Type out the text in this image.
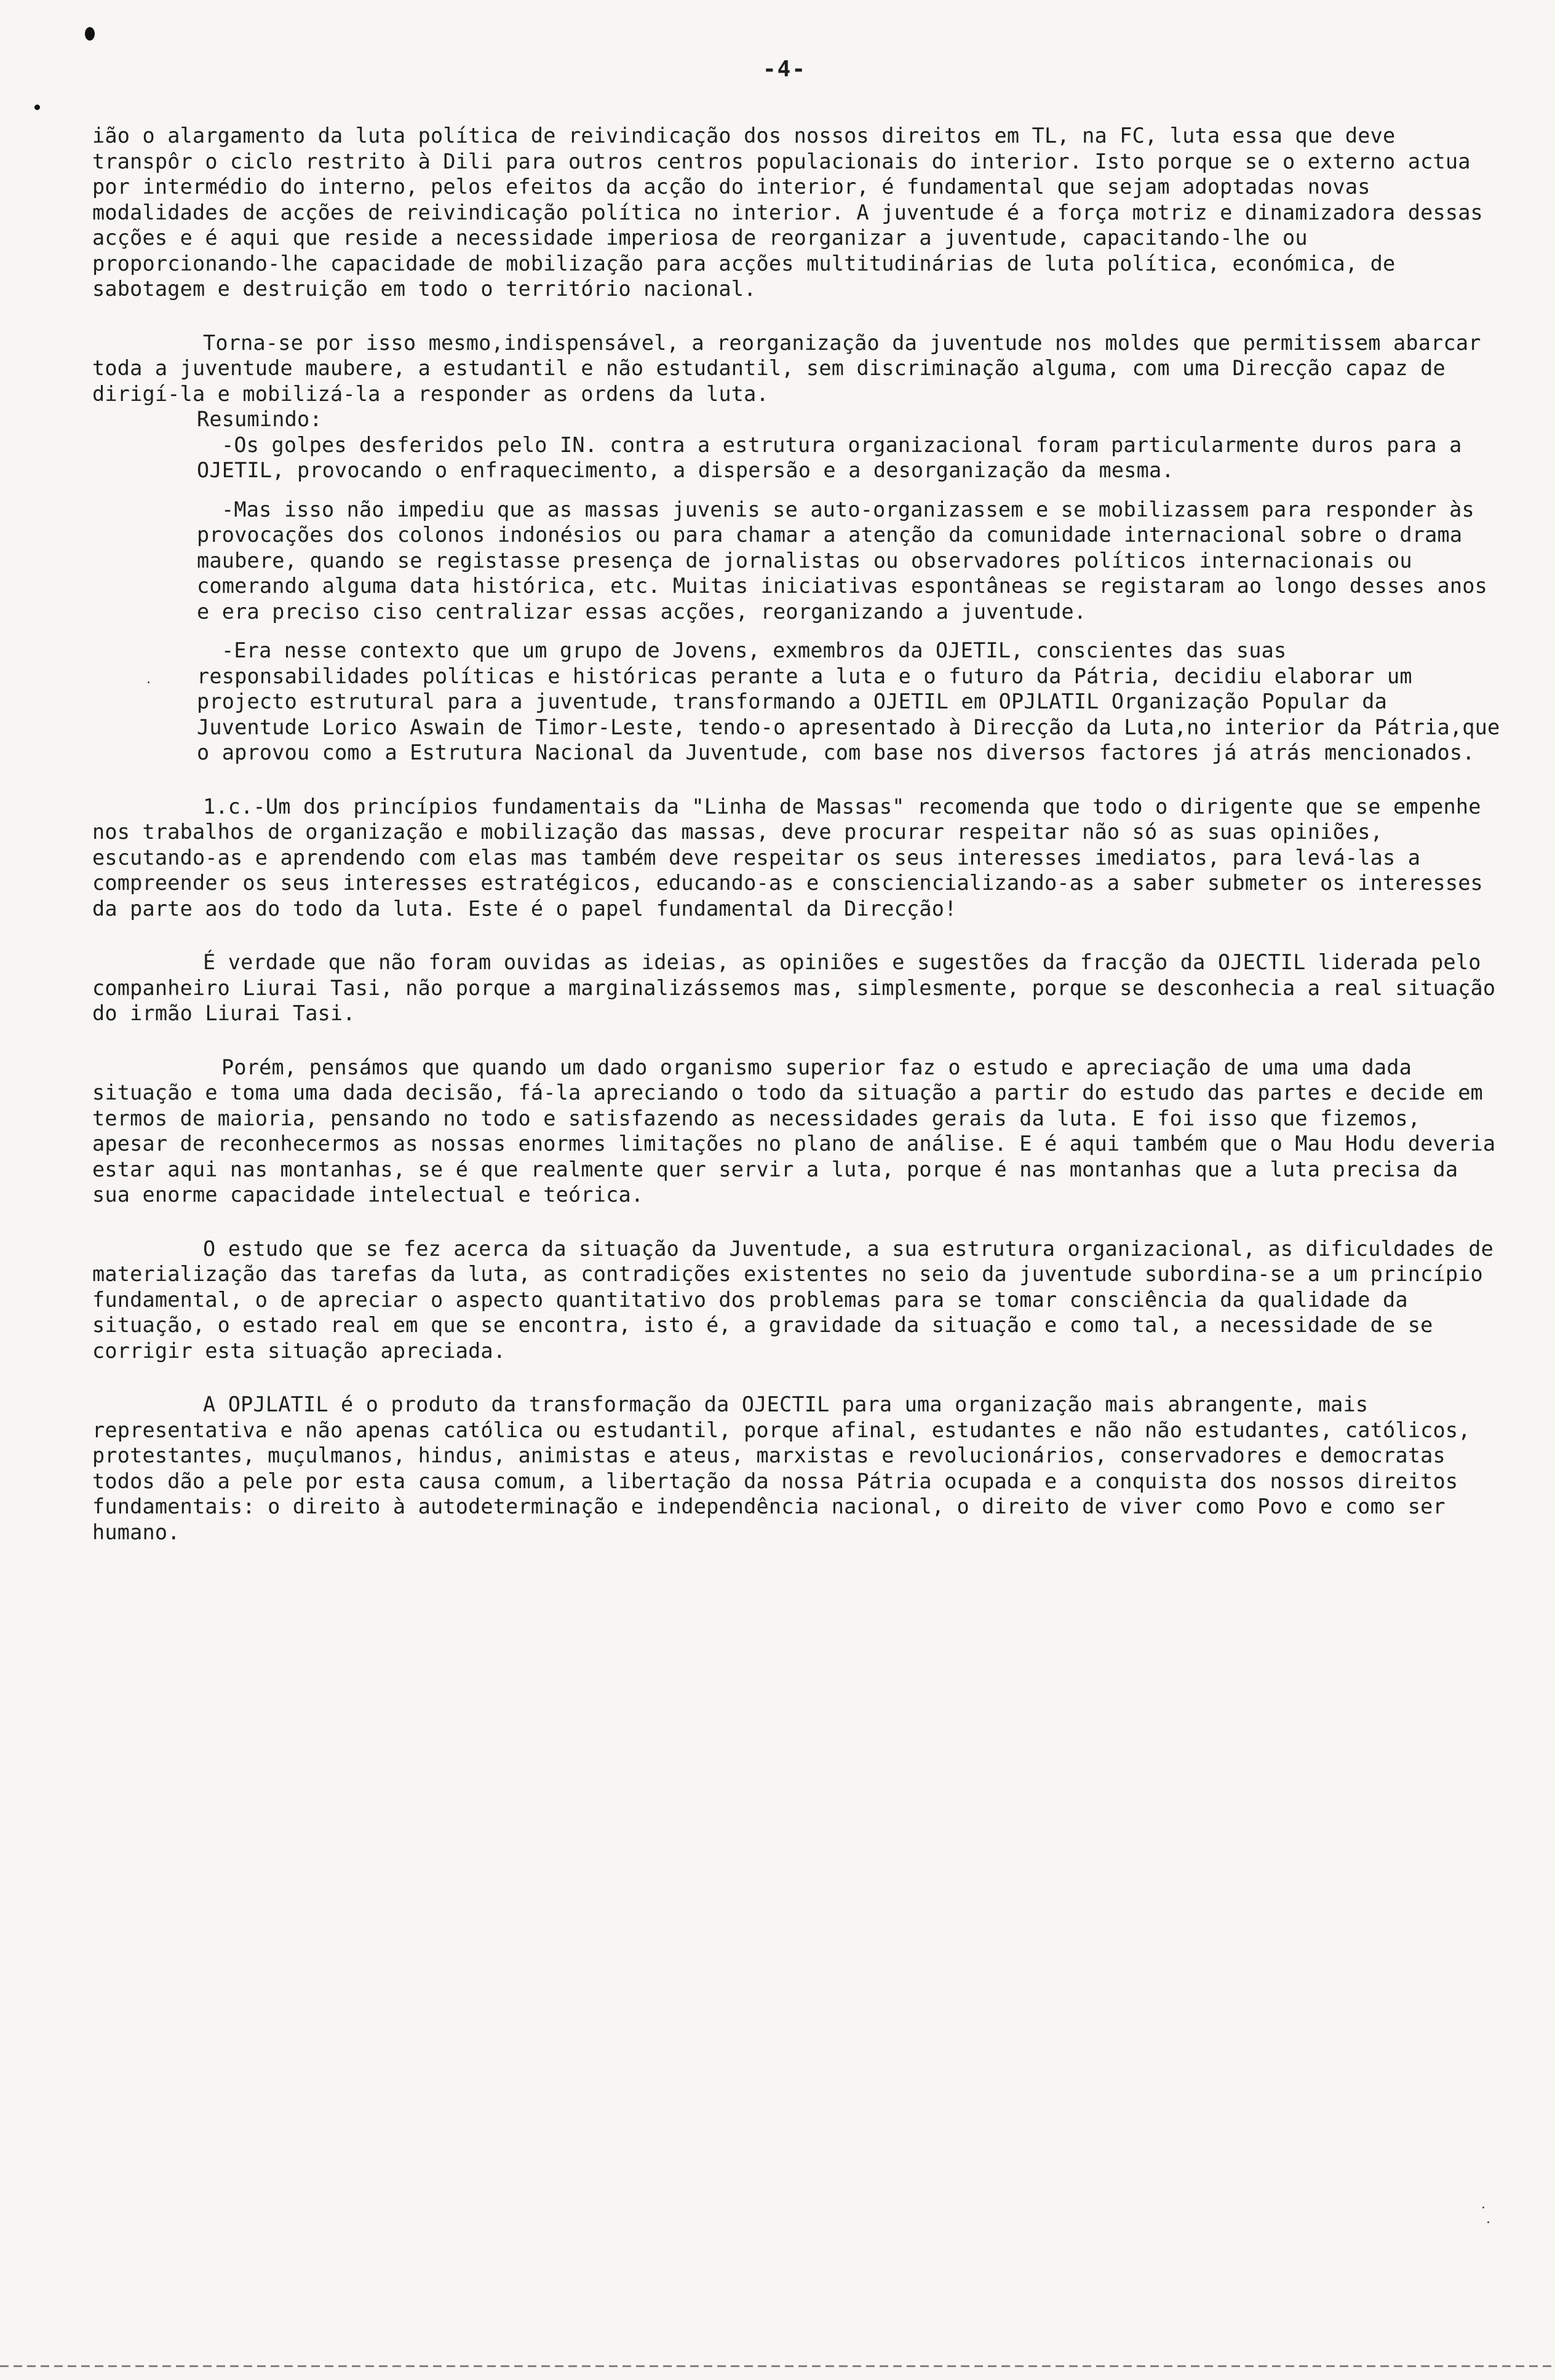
-4-

ião o alargamento da luta política de reivindicação dos nossos direitos em TL, na FC, luta essa que deve transpôr o ciclo restrito à Dili para outros centros populacionais do interior. Isto porque se o externo actua por intermédio do interno, pelos efeitos da acção do interior, é fundamental que sejam adoptadas novas modalidades de acções de reivindicação política no interior. A juventude é a força motriz e dinamizadora dessas acções e é aqui que reside a necessidade imperiosa de reorganizar a juventude, capacitando-lhe ou proporcionando-lhe capacidade de mobilização para acções multitudinárias de luta política, económica, de sabotagem e destruição em todo o território nacional.

Torna-se por isso mesmo,indispensável, a reorganização da juventude nos moldes que permitissem abarcar toda a juventude maubere, a estudantil e não estudantil, sem discriminação alguma, com uma Direcção capaz de dirigí-la e mobilizá-la a responder as ordens da luta.

Resumindo:

-Os golpes desferidos pelo IN. contra a estrutura organizacional foram particularmente duros para a OJETIL, provocando o enfraquecimento, a dispersão e a desorganização da mesma.

-Mas isso não impediu que as massas juvenis se auto-organizassem e se mobilizassem para responder às provocações dos colonos indonésios ou para chamar a atenção da comunidade internacional sobre o drama maubere, quando se registasse presença de jornalistas ou observadores políticos internacionais ou comerando alguma data histórica, etc. Muitas iniciativas espontâneas se registaram ao longo desses anos e era preciso ciso centralizar essas acções, reorganizando a juventude.

-Era nesse contexto que um grupo de Jovens, exmembros da OJETIL, conscientes das suas responsabilidades políticas e históricas perante a luta e o futuro da Pátria, decidiu elaborar um projecto estrutural para a juventude, transformando a OJETIL em OPJLATIL Organização Popular da Juventude Lorico Aswain de Timor-Leste, tendo-o apresentado à Direcção da Luta,no interior da Pátria,que o aprovou como a Estrutura Nacional da Juventude, com base nos diversos factores já atrás mencionados.

1.c.-Um dos princípios fundamentais da "Linha de Massas" recomenda que todo o dirigente que se empenhe nos trabalhos de organização e mobilização das massas, deve procurar respeitar não só as suas opiniões, escutando-as e aprendendo com elas mas também deve respeitar os seus interesses imediatos, para levá-las a compreender os seus interesses estratégicos, educando-as e consciencializando-as a saber submeter os interesses da parte aos do todo da luta. Este é o papel fundamental da Direcção!

É verdade que não foram ouvidas as ideias, as opiniões e sugestões da fracção da OJECTIL liderada pelo companheiro Liurai Tasi, não porque a marginalizássemos mas, simplesmente, porque se desconhecia a real situação do irmão Liurai Tasi.

Porém, pensámos que quando um dado organismo superior faz o estudo e apreciação de uma uma dada situação e toma uma dada decisão, fá-la apreciando o todo da situação a partir do estudo das partes e decide em termos de maioria, pensando no todo e satisfazendo as necessidades gerais da luta. E foi isso que fizemos, apesar de reconhecermos as nossas enormes limitações no plano de análise. E é aqui também que o Mau Hodu deveria estar aqui nas montanhas, se é que realmente quer servir a luta, porque é nas montanhas que a luta precisa da sua enorme capacidade intelectual e teórica.

O estudo que se fez acerca da situação da Juventude, a sua estrutura organizacional, as dificuldades de materialização das tarefas da luta, as contradições existentes no seio da juventude subordina-se a um princípio fundamental, o de apreciar o aspecto quantitativo dos problemas para se tomar consciência da qualidade da situação, o estado real em que se encontra, isto é, a gravidade da situação e como tal, a necessidade de se corrigir esta situação apreciada.

A OPJLATIL é o produto da transformação da OJECTIL para uma organização mais abrangente, mais representativa e não apenas católica ou estudantil, porque afinal, estudantes e não não estudantes, católicos, protestantes, muçulmanos, hindus, animistas e ateus, marxistas e revolucionários, conservadores e democratas todos dão a pele por esta causa comum, a libertação da nossa Pátria ocupada e a conquista dos nossos direitos fundamentais: o direito à autodeterminação e independência nacional, o direito de viver como Povo e como ser humano.
